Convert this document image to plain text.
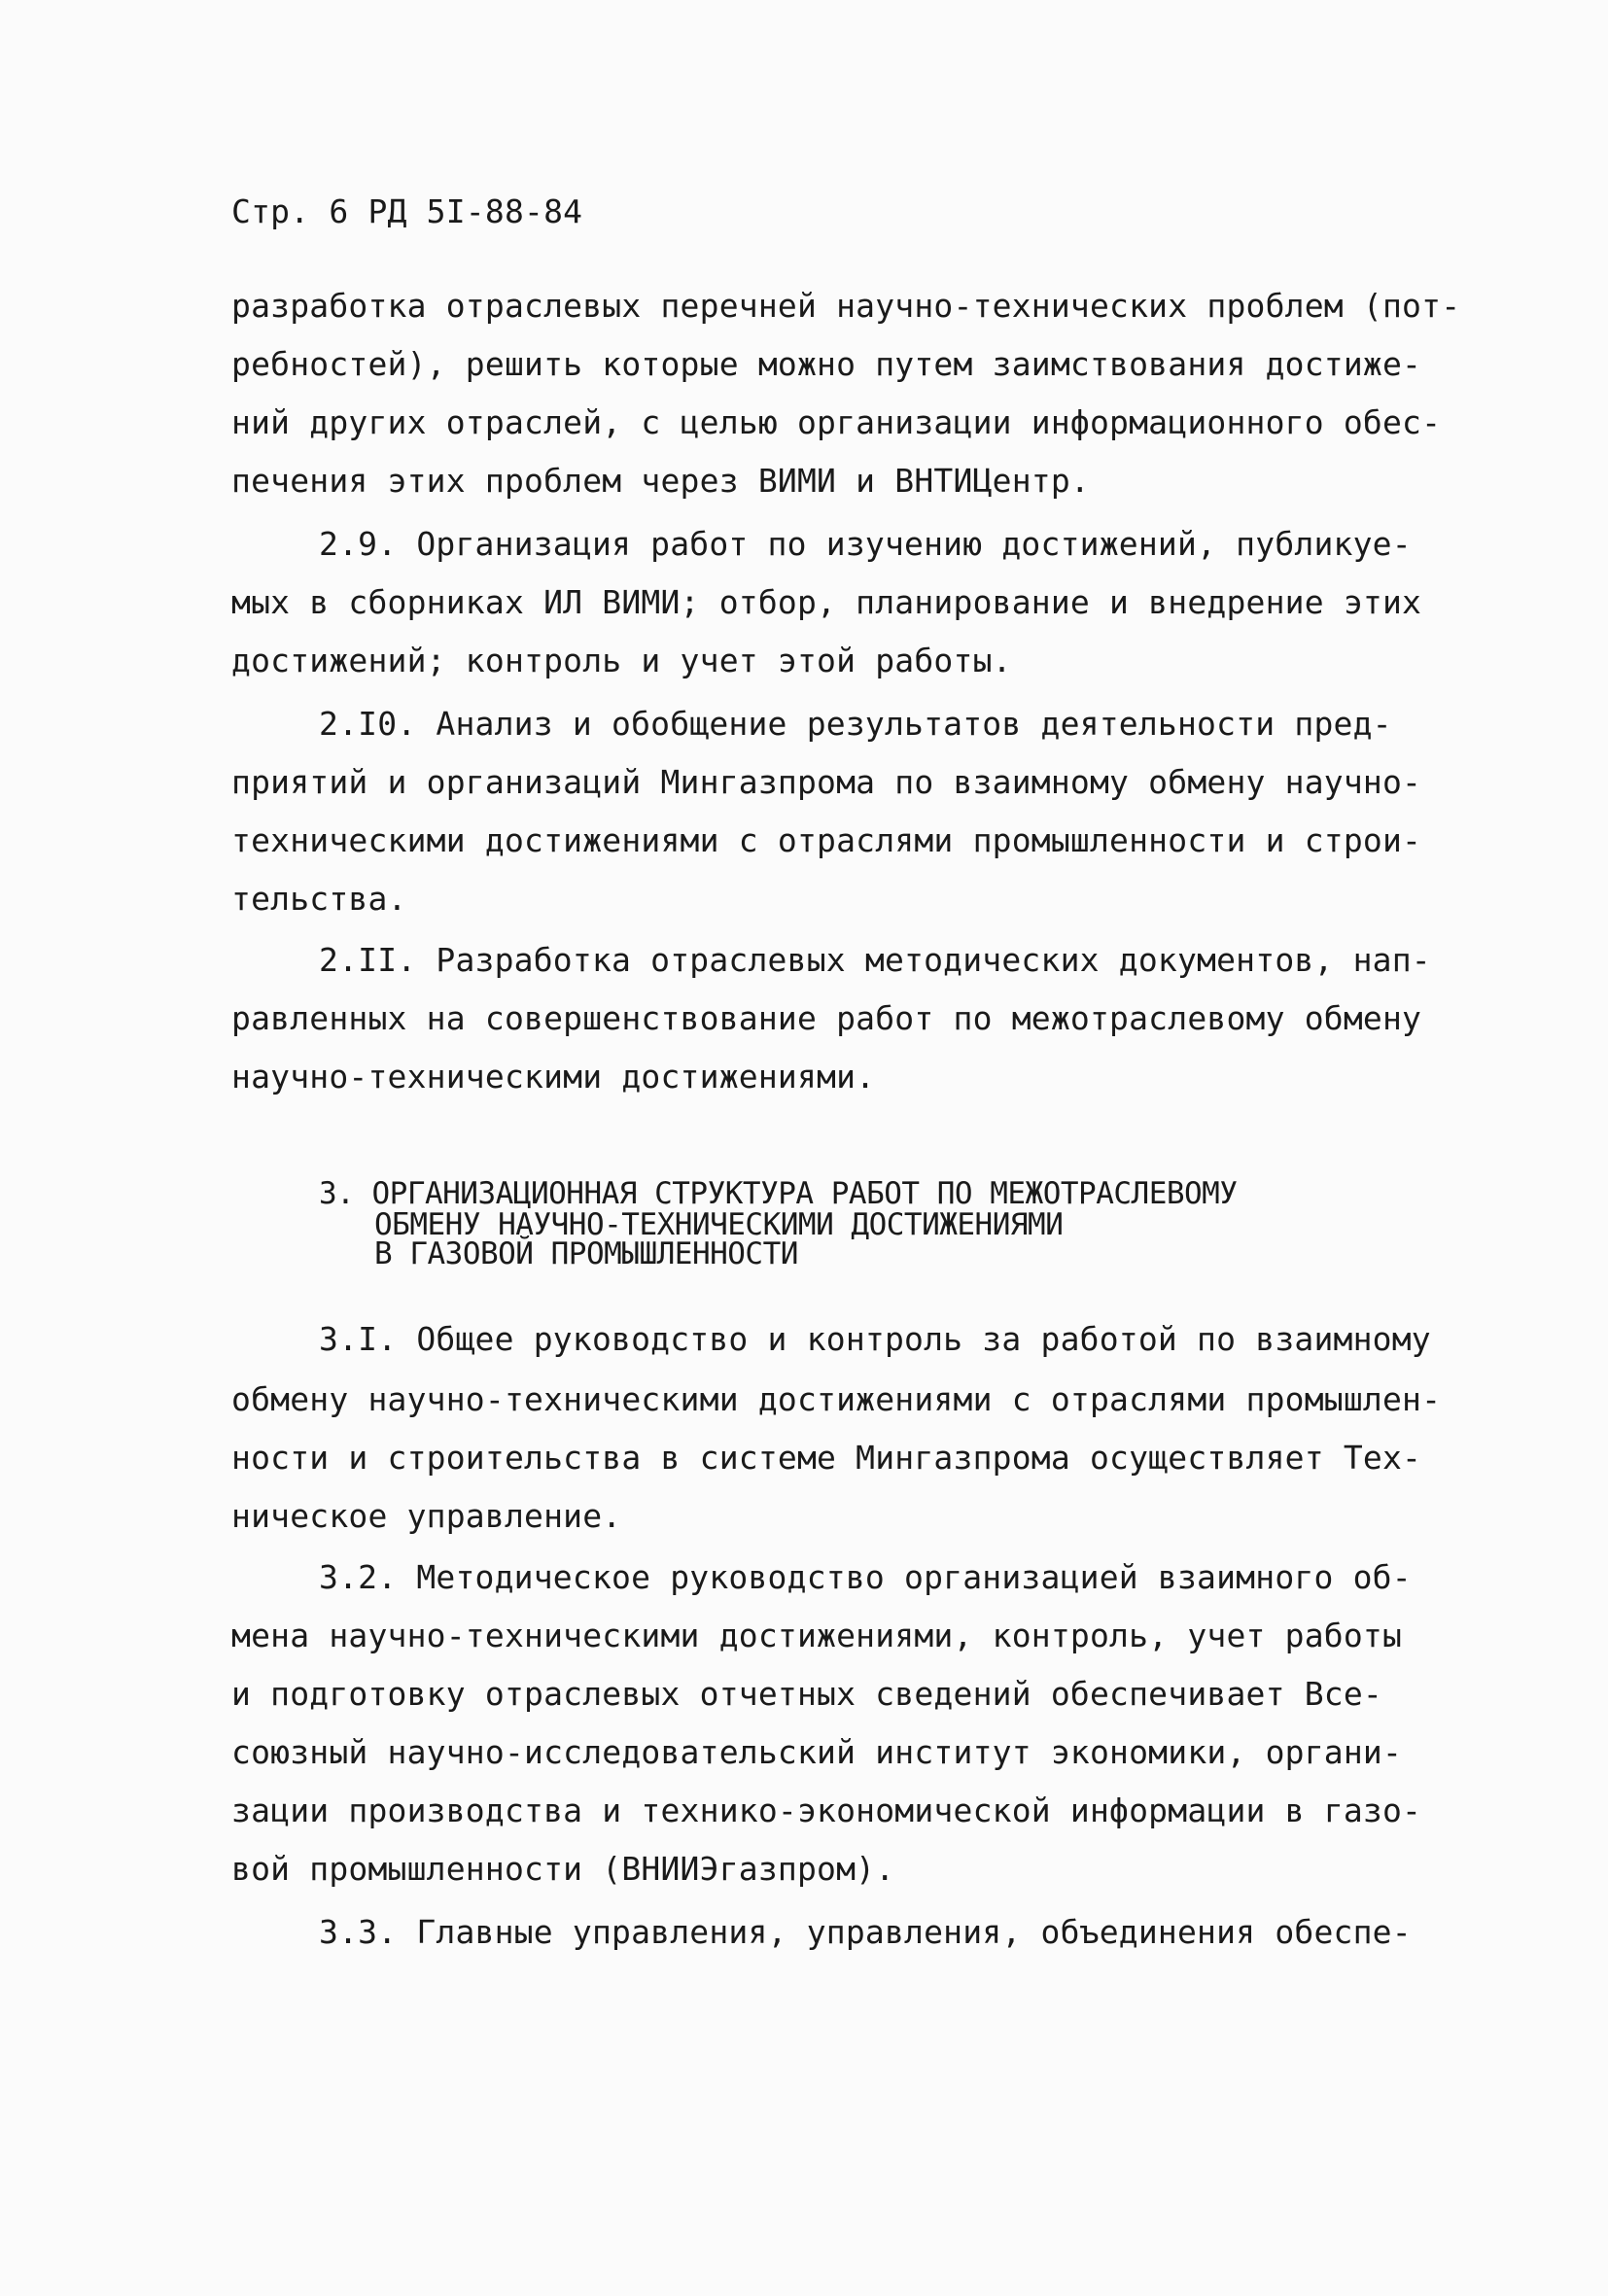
Стр. 6 РД 5I-88-84
разработка отраслевых перечней научно-технических проблем (пот-
ребностей), решить которые можно путем заимствования достиже-
ний других отраслей, с целью организации информационного обес-
печения этих проблем через ВИМИ и ВНТИЦентр.
2.9. Организация работ по изучению достижений, публикуе-
мых в сборниках ИЛ ВИМИ; отбор, планирование и внедрение этих
достижений; контроль и учет этой работы.
2.I0. Анализ и обобщение результатов деятельности пред-
приятий и организаций Мингазпрома по взаимному обмену научно-
техническими достижениями с отраслями промышленности и строи-
тельства.
2.II. Разработка отраслевых методических документов, нап-
равленных на совершенствование работ по межотраслевому обмену
научно-техническими достижениями.
3. ОРГАНИЗАЦИОННАЯ СТРУКТУРА РАБОТ ПО МЕЖОТРАСЛЕВОМУ
ОБМЕНУ НАУЧНО-ТЕХНИЧЕСКИМИ ДОСТИЖЕНИЯМИ
В ГАЗОВОЙ ПРОМЫШЛЕННОСТИ
3.I. Общее руководство и контроль за работой по взаимному
обмену научно-техническими достижениями с отраслями промышлен-
ности и строительства в системе Мингазпрома осуществляет Тех-
ническое управление.
3.2. Методическое руководство организацией взаимного об-
мена научно-техническими достижениями, контроль, учет работы
и подготовку отраслевых отчетных сведений обеспечивает Все-
союзный научно-исследовательский институт экономики, органи-
зации производства и технико-экономической информации в газо-
вой промышленности (ВНИИЭгазпром).
3.3. Главные управления, управления, объединения обеспе-
